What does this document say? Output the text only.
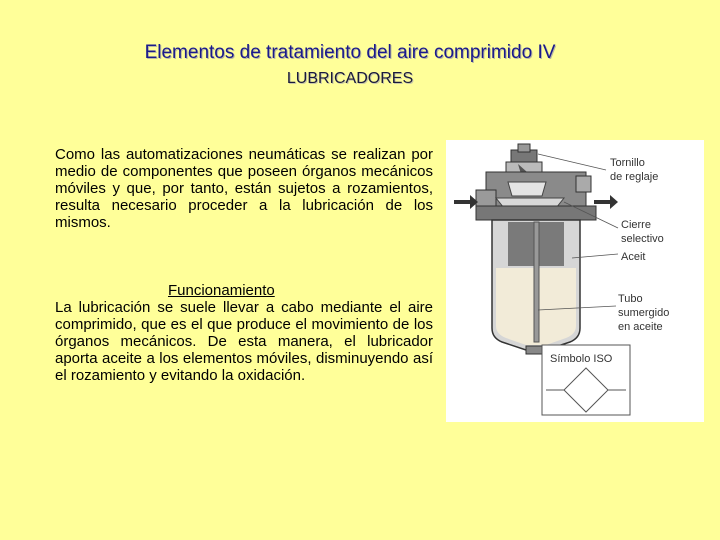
Elementos de tratamiento del aire comprimido IV
LUBRICADORES
Como las automatizaciones neumáticas se realizan por medio de componentes que poseen órganos mecánicos móviles y que, por tanto, están sujetos a rozamientos, resulta necesario proceder a la lubricación de los mismos.
Funcionamiento
La lubricación se suele llevar a cabo mediante el aire comprimido, que es el que produce el movimiento de los órganos mecánicos. De esta manera, el lubricador aporta aceite a los elementos móviles, disminuyendo así el rozamiento y evitando la oxidación.
Tornillo
de reglaje
Cierre
selectivo
Aceit
Tubo
sumergido
en aceite
Símbolo ISO
